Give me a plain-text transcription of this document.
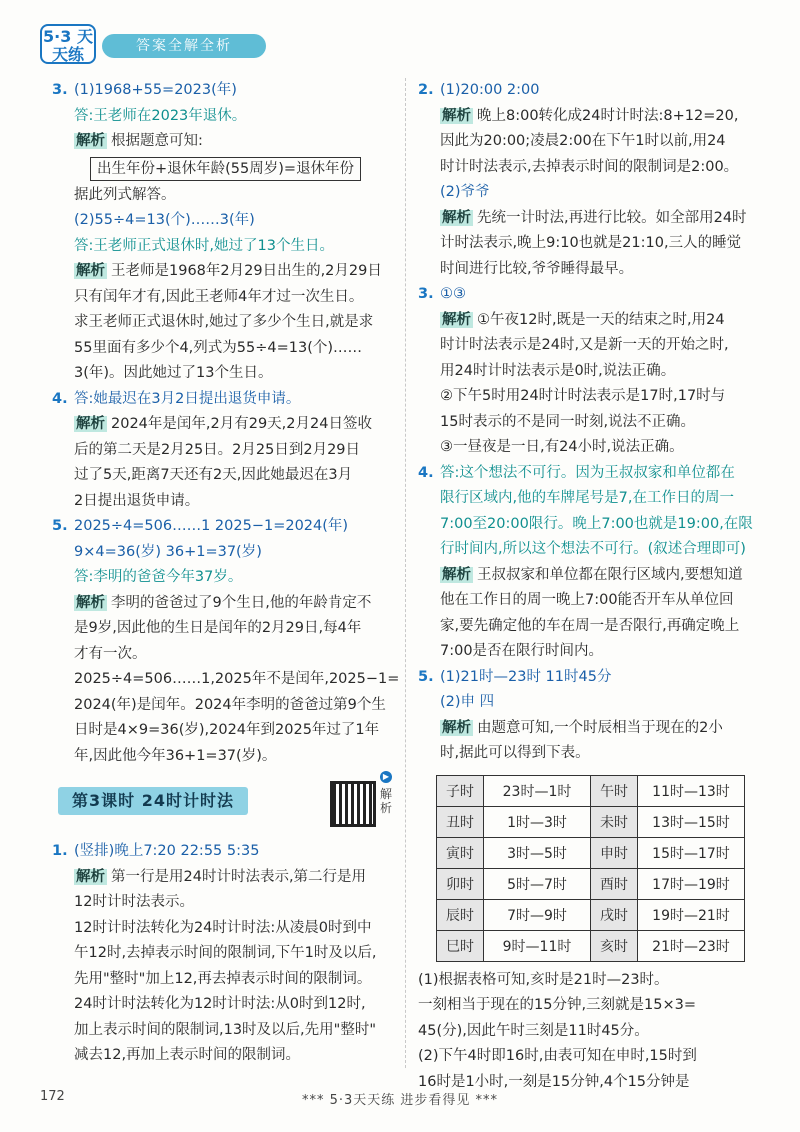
5·3 天天练	答案全解全析

3. (1)1968+55=2023(年)

答:王老师在2023年退休。

解析 根据题意可知:

出生年份+退休年龄(55周岁)=退休年份

据此列式解答。

(2)55÷4=13(个)……3(年)

答:王老师正式退休时,她过了13个生日。

解析 王老师是1968年2月29日出生的,2月29日

只有闰年才有,因此王老师4年才过一次生日。

求王老师正式退休时,她过了多少个生日,就是求

55里面有多少个4,列式为55÷4=13(个)……

3(年)。因此她过了13个生日。

4. 答:她最迟在3月2日提出退货申请。

解析 2024年是闰年,2月有29天,2月24日签收

后的第二天是2月25日。2月25日到2月29日

过了5天,距离7天还有2天,因此她最迟在3月

2日提出退货申请。

5. 2025÷4=506……1 2025−1=2024(年)

9×4=36(岁) 36+1=37(岁)

答:李明的爸爸今年37岁。

解析 李明的爸爸过了9个生日,他的年龄肯定不

是9岁,因此他的生日是闰年的2月29日,每4年

才有一次。

2025÷4=506……1,2025年不是闰年,2025−1=

2024(年)是闰年。2024年李明的爸爸过第9个生

日时是4×9=36(岁),2024年到2025年过了1年

年,因此他今年36+1=37(岁)。

第3课时 24时计时法
▶
解析

1. (竖排)晚上7:20 22:55 5:35

解析 第一行是用24时计时法表示,第二行是用

12时计时法表示。

12时计时法转化为24时计时法:从凌晨0时到中

午12时,去掉表示时间的限制词,下午1时及以后,

先用"整时"加上12,再去掉表示时间的限制词。

24时计时法转化为12时计时法:从0时到12时,

加上表示时间的限制词,13时及以后,先用"整时"

减去12,再加上表示时间的限制词。

2. (1)20:00 2:00

解析 晚上8:00转化成24时计时法:8+12=20,

因此为20:00;凌晨2:00在下午1时以前,用24

时计时法表示,去掉表示时间的限制词是2:00。

(2)爷爷

解析 先统一计时法,再进行比较。如全部用24时

计时法表示,晚上9:10也就是21:10,三人的睡觉

时间进行比较,爷爷睡得最早。

3. ①③

解析 ①午夜12时,既是一天的结束之时,用24

时计时法表示是24时,又是新一天的开始之时,

用24时计时法表示是0时,说法正确。

②下午5时用24时计时法表示是17时,17时与

15时表示的不是同一时刻,说法不正确。

③一昼夜是一日,有24小时,说法正确。

4. 答:这个想法不可行。因为王叔叔家和单位都在

限行区域内,他的车牌尾号是7,在工作日的周一

7:00至20:00限行。晚上7:00也就是19:00,在限

行时间内,所以这个想法不可行。(叙述合理即可)

解析 王叔叔家和单位都在限行区域内,要想知道

他在工作日的周一晚上7:00能否开车从单位回

家,要先确定他的车在周一是否限行,再确定晚上

7:00是否在限行时间内。

5. (1)21时—23时 11时45分

(2)申 四

解析 由题意可知,一个时辰相当于现在的2小

时,据此可以得到下表。

子时	23时—1时	午时	11时—13时
丑时	1时—3时	未时	13时—15时
寅时	3时—5时	申时	15时—17时
卯时	5时—7时	酉时	17时—19时
辰时	7时—9时	戌时	19时—21时
巳时	9时—11时	亥时	21时—23时

(1)根据表格可知,亥时是21时—23时。

一刻相当于现在的15分钟,三刻就是15×3=

45(分),因此午时三刻是11时45分。

(2)下午4时即16时,由表可知在申时,15时到

16时是1小时,一刻是15分钟,4个15分钟是

172	*** 5·3天天练 进步看得见 ***
